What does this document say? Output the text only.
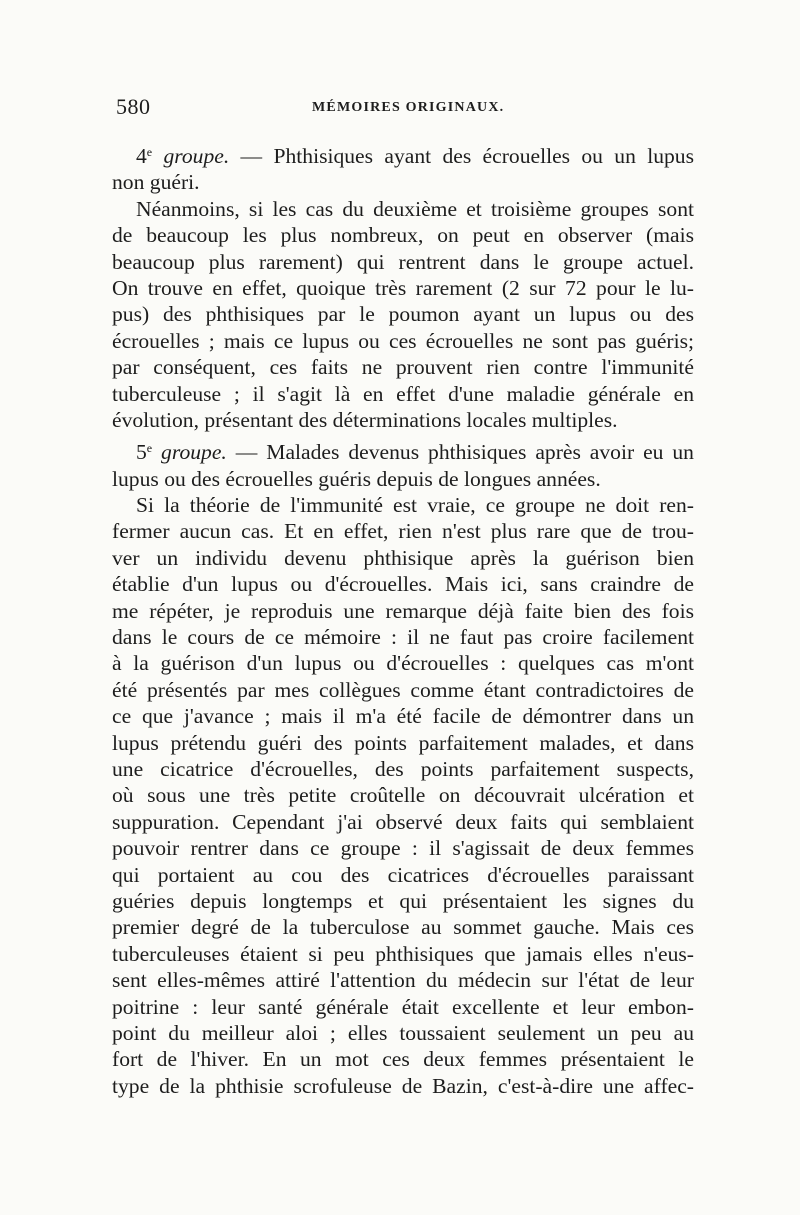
580	MÉMOIRES ORIGINAUX.
4e groupe. — Phthisiques ayant des écrouelles ou un lupus
non guéri.
Néanmoins, si les cas du deuxième et troisième groupes sont
de beaucoup les plus nombreux, on peut en observer (mais
beaucoup plus rarement) qui rentrent dans le groupe actuel.
On trouve en effet, quoique très rarement (2 sur 72 pour le lu-
pus) des phthisiques par le poumon ayant un lupus ou des
écrouelles ; mais ce lupus ou ces écrouelles ne sont pas guéris;
par conséquent, ces faits ne prouvent rien contre l'immunité
tuberculeuse ; il s'agit là en effet d'une maladie générale en
évolution, présentant des déterminations locales multiples.
5e groupe. — Malades devenus phthisiques après avoir eu un
lupus ou des écrouelles guéris depuis de longues années.
Si la théorie de l'immunité est vraie, ce groupe ne doit ren-
fermer aucun cas. Et en effet, rien n'est plus rare que de trou-
ver un individu devenu phthisique après la guérison bien
établie d'un lupus ou d'écrouelles. Mais ici, sans craindre de
me répéter, je reproduis une remarque déjà faite bien des fois
dans le cours de ce mémoire : il ne faut pas croire facilement
à la guérison d'un lupus ou d'écrouelles : quelques cas m'ont
été présentés par mes collègues comme étant contradictoires de
ce que j'avance ; mais il m'a été facile de démontrer dans un
lupus prétendu guéri des points parfaitement malades, et dans
une cicatrice d'écrouelles, des points parfaitement suspects,
où sous une très petite croûtelle on découvrait ulcération et
suppuration. Cependant j'ai observé deux faits qui semblaient
pouvoir rentrer dans ce groupe : il s'agissait de deux femmes
qui portaient au cou des cicatrices d'écrouelles paraissant
guéries depuis longtemps et qui présentaient les signes du
premier degré de la tuberculose au sommet gauche. Mais ces
tuberculeuses étaient si peu phthisiques que jamais elles n'eus-
sent elles-mêmes attiré l'attention du médecin sur l'état de leur
poitrine : leur santé générale était excellente et leur embon-
point du meilleur aloi ; elles toussaient seulement un peu au
fort de l'hiver. En un mot ces deux femmes présentaient le
type de la phthisie scrofuleuse de Bazin, c'est-à-dire une affec-
